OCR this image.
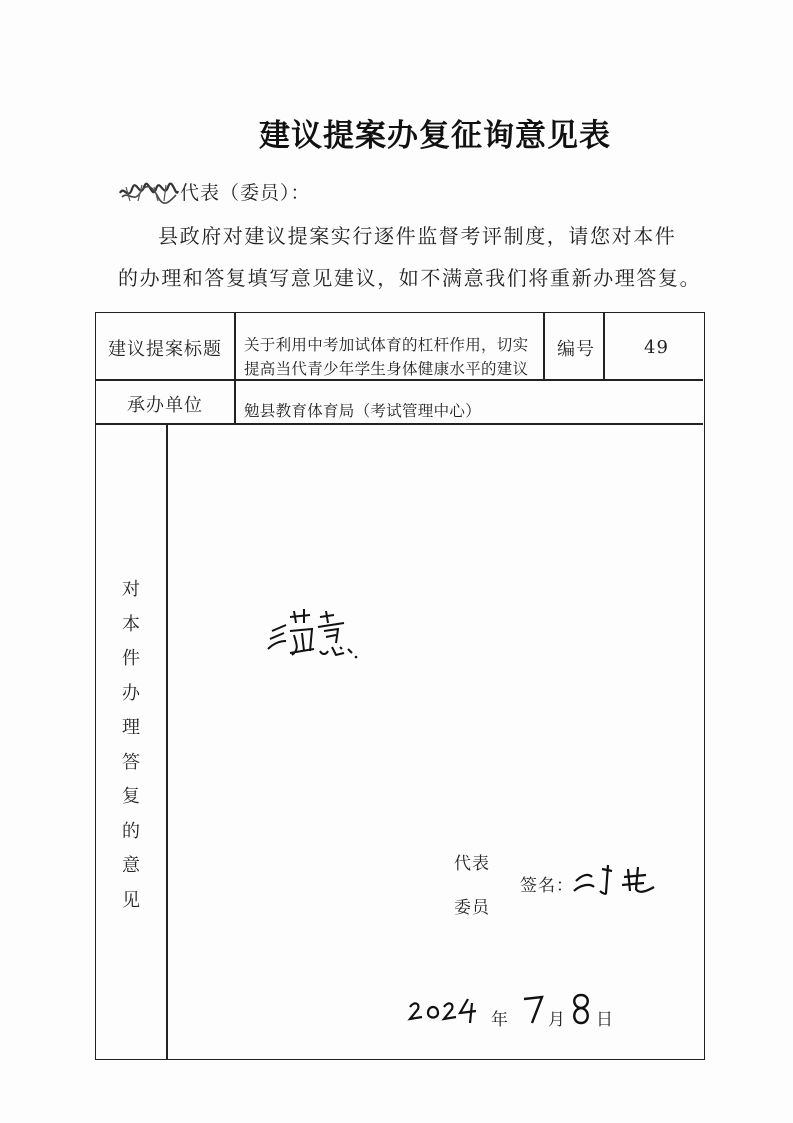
建议提案办复征询意见表
代表（委员）：
县政府对建议提案实行逐件监督考评制度，请您对本件
的办理和答复填写意见建议，如不满意我们将重新办理答复。
建议提案标题 关于利用中考加试体育的杠杆作用，切实
提高当代青少年学生身体健康水平的建议
编号	49
承办单位	勉县教育体育局（考试管理中心）
对
本
件
办
理
答
复
的
意
见
代表
委员
签名：
年 月 日
